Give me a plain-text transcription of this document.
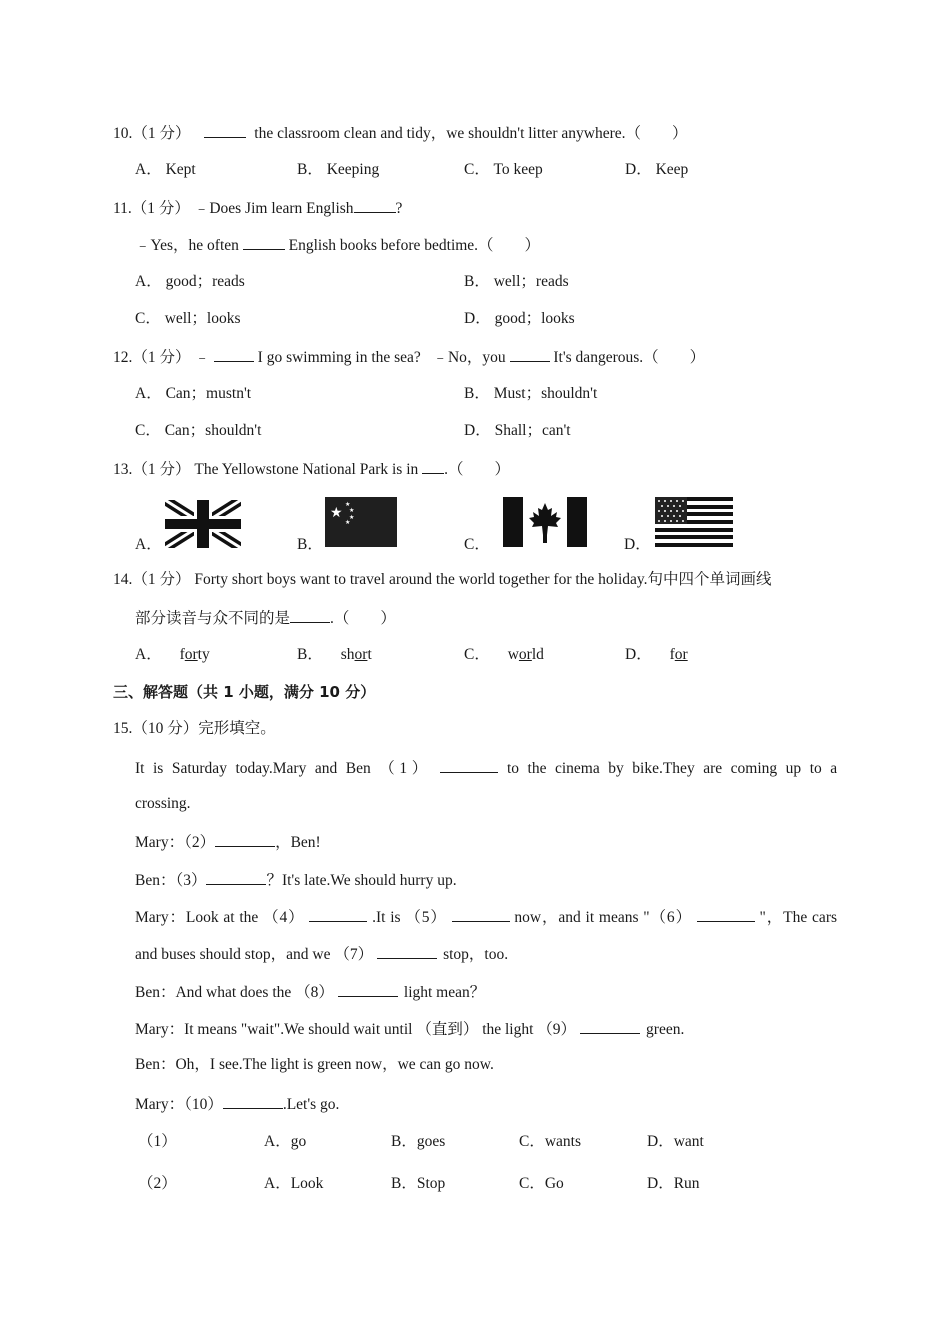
10.（1 分）	the classroom clean and tidy，we shouldn't litter anywhere.（　　）
A． Kept	B． Keeping	C． To keep	D． Keep
11.（1 分） ﹣Does Jim learn English	?
﹣Yes，he often	English books before bedtime.（　　）
A． good；reads	B． well；reads
C． well；looks	D． good；looks
12.（1 分） ﹣	I go swimming in the sea? ﹣No，you	It's dangerous.（　　）
A． Can；mustn't	B． Must；shouldn't
C． Can；shouldn't	D． Shall；can't
13.（1 分） The Yellowstone National Park is in .（　　）
A．	B．	C．	D．
★
★
★
★
★
14.（1 分） Forty short boys want to travel around the world together for the holiday.句中四个单词画线
部分读音与众不同的是	.（　　）
A． forty	B． short	C． world	D． for
三、解答题（共 1 小题，满分 10 分）
15.（10 分）完形填空。
It is Saturday today.Mary and Ben （1）	to the cinema by bike.They are coming up to a
crossing.
Mary：（2）	，Ben!
Ben：（3）	？It's late.We should hurry up.
Mary：Look at the （4）	.It is （5）	now，and it means "（6）	"，The cars
and buses should stop，and we （7）	stop，too.
Ben：And what does the （8）	light mean？
Mary：It means "wait".We should wait until （直到） the light （9）	green.
Ben：Oh，I see.The light is green now，we can go now.
Mary：（10）	.Let's go.
（1）	A．go	B．goes	C．wants	D．want
（2）	A．Look	B．Stop	C．Go	D．Run
